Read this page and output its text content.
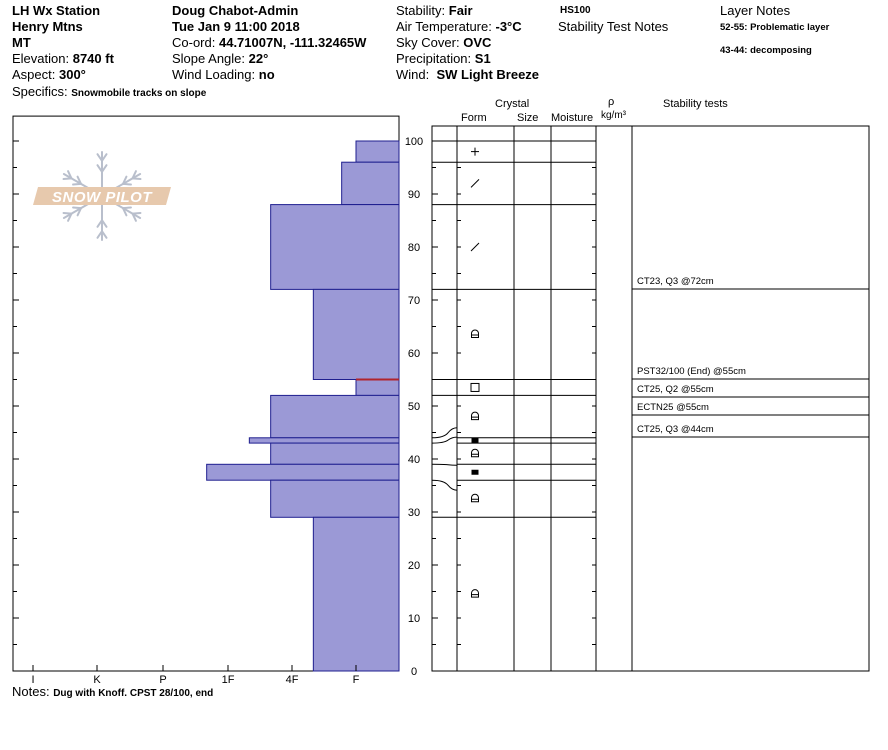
LH Wx Station
Henry Mtns
MT
Elevation: 8740 ft
Aspect: 300°
Specifics: Snowmobile tracks on slope
Doug Chabot-Admin
Tue Jan 9 11:00 2018
Co-ord: 44.71007N, -111.32465W
Slope Angle: 22°
Wind Loading: no
Stability: Fair
Air Temperature: -3°C
Sky Cover: OVC
Precipitation: S1
Wind: SW Light Breeze
HS100
Stability Test Notes
Layer Notes
52-55: Problematic layer
43-44: decomposing
Crystal
Form	Size Moisture
ρ
kg/m³
Stability tests
SNOW PILOT
I	K	P	1F	4F	F
0
10
20
30
40
50
60
70
80
90
100
CT23, Q3 @72cm
PST32/100 (End) @55cm
CT25, Q2 @55cm
ECTN25 @55cm
CT25, Q3 @44cm
Notes: Dug with Knoff. CPST 28/100, end
